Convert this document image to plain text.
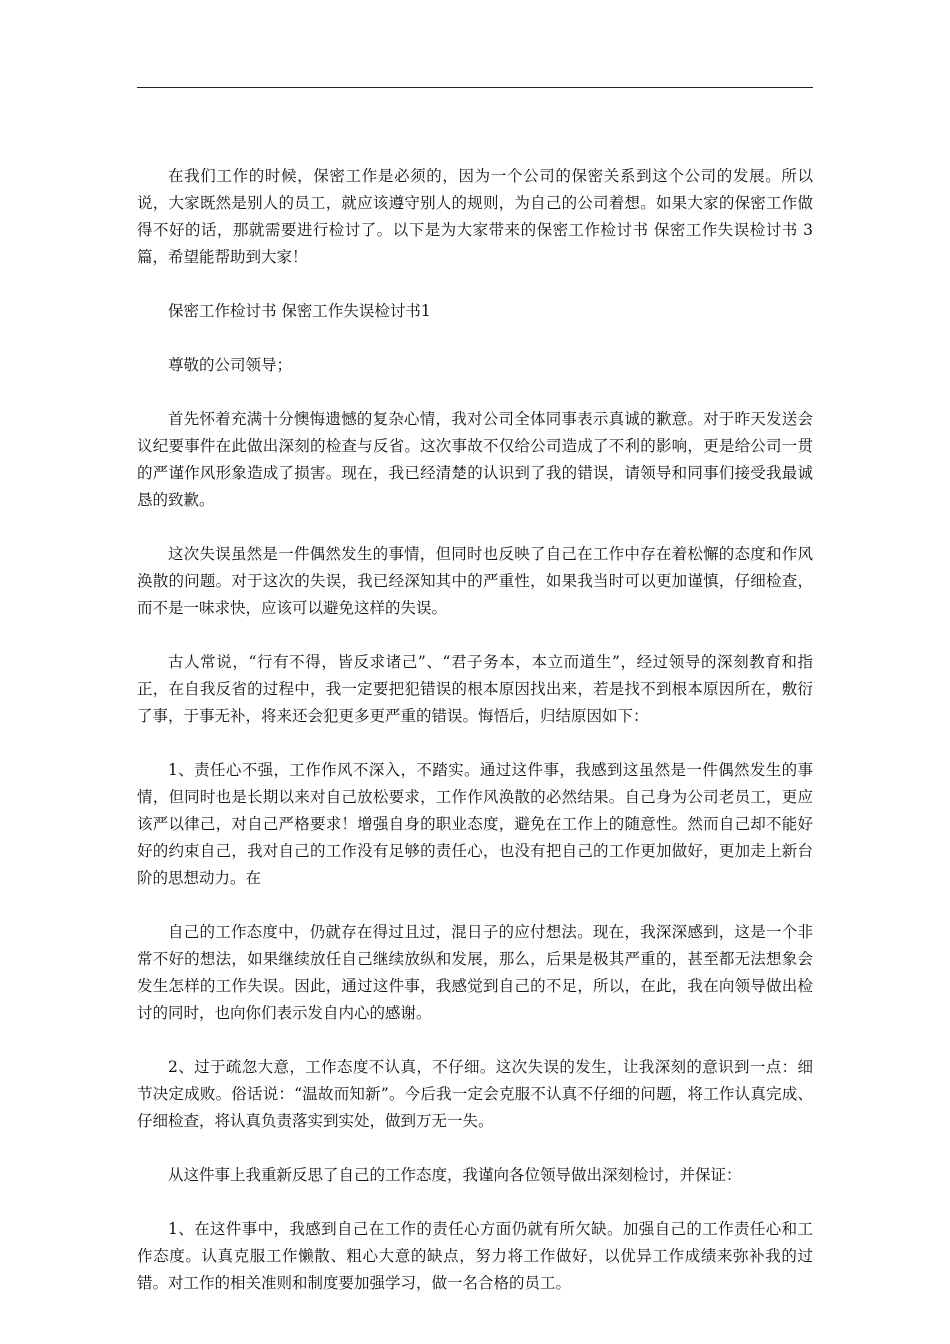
在我们工作的时候，保密工作是必须的，因为一个公司的保密关系到这个公司的发展。所以说，大家既然是别人的员工，就应该遵守别人的规则，为自己的公司着想。如果大家的保密工作做得不好的话，那就需要进行检讨了。以下是为大家带来的保密工作检讨书 保密工作失误检讨书 3篇，希望能帮助到大家！

保密工作检讨书 保密工作失误检讨书1

尊敬的公司领导；

首先怀着充满十分懊悔遗憾的复杂心情，我对公司全体同事表示真诚的歉意。对于昨天发送会议纪要事件在此做出深刻的检查与反省。这次事故不仅给公司造成了不利的影响，更是给公司一贯的严谨作风形象造成了损害。现在，我已经清楚的认识到了我的错误，请领导和同事们接受我最诚恳的致歉。

这次失误虽然是一件偶然发生的事情，但同时也反映了自己在工作中存在着松懈的态度和作风涣散的问题。对于这次的失误，我已经深知其中的严重性，如果我当时可以更加谨慎，仔细检查，而不是一味求快，应该可以避免这样的失误。

古人常说，“行有不得，皆反求诸己”、“君子务本，本立而道生”，经过领导的深刻教育和指正，在自我反省的过程中，我一定要把犯错误的根本原因找出来，若是找不到根本原因所在，敷衍了事，于事无补，将来还会犯更多更严重的错误。悔悟后，归结原因如下：

1、责任心不强，工作作风不深入，不踏实。通过这件事，我感到这虽然是一件偶然发生的事情，但同时也是长期以来对自己放松要求，工作作风涣散的必然结果。自己身为公司老员工，更应该严以律己，对自己严格要求！增强自身的职业态度，避免在工作上的随意性。然而自己却不能好好的约束自己，我对自己的工作没有足够的责任心，也没有把自己的工作更加做好，更加走上新台阶的思想动力。在

自己的工作态度中，仍就存在得过且过，混日子的应付想法。现在，我深深感到，这是一个非常不好的想法，如果继续放任自己继续放纵和发展，那么，后果是极其严重的，甚至都无法想象会发生怎样的工作失误。因此，通过这件事，我感觉到自己的不足，所以，在此，我在向领导做出检讨的同时，也向你们表示发自内心的感谢。

2、过于疏忽大意，工作态度不认真，不仔细。这次失误的发生，让我深刻的意识到一点：细节决定成败。俗话说：“温故而知新”。今后我一定会克服不认真不仔细的问题，将工作认真完成、仔细检查，将认真负责落实到实处，做到万无一失。

从这件事上我重新反思了自己的工作态度，我谨向各位领导做出深刻检讨，并保证：

1、在这件事中，我感到自己在工作的责任心方面仍就有所欠缺。加强自己的工作责任心和工作态度。认真克服工作懒散、粗心大意的缺点，努力将工作做好，以优异工作成绩来弥补我的过错。对工作的相关准则和制度要加强学习，做一名合格的员工。
